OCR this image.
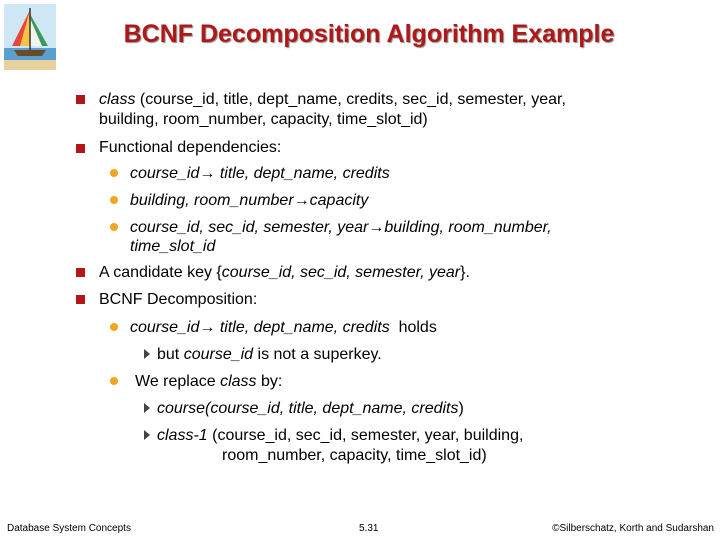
BCNF Decomposition Algorithm Example
class (course_id, title, dept_name, credits, sec_id, semester, year,
building, room_number, capacity, time_slot_id)
Functional dependencies:
course_id→ title, dept_name, credits
building, room_number→capacity
course_id, sec_id, semester, year→building, room_number,
time_slot_id
A candidate key {course_id, sec_id, semester, year}.
BCNF Decomposition:
course_id→ title, dept_name, credits  holds
but course_id is not a superkey.
We replace class by:
course(course_id, title, dept_name, credits)
class-1 (course_id, sec_id, semester, year, building,
room_number, capacity, time_slot_id)
Database System Concepts	5.31	©Silberschatz, Korth and Sudarshan
